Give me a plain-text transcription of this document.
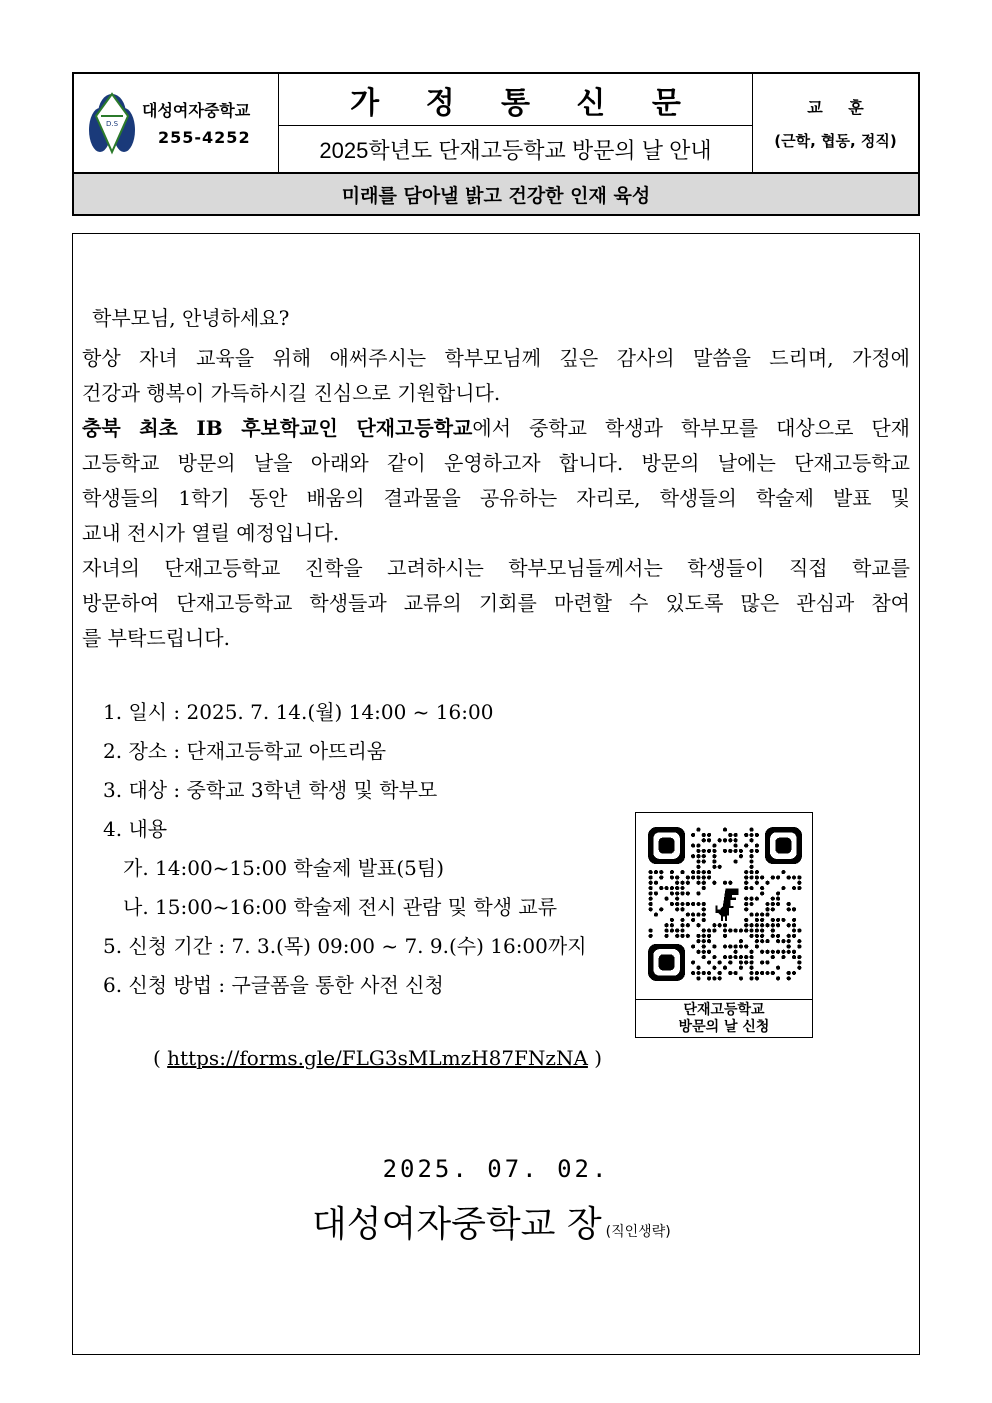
D.S
대성여자중학교
255-4252
가 정 통 신 문
2025학년도 단재고등학교 방문의 날 안내
교 훈
(근학, 협동, 정직)
미래를 담아낼 밝고 건강한 인재 육성
학부모님, 안녕하세요?
항상 자녀 교육을 위해 애써주시는 학부모님께 깊은 감사의 말씀을 드리며, 가정에
건강과 행복이 가득하시길 진심으로 기원합니다.
충북 최초 IB 후보학교인 단재고등학교에서 중학교 학생과 학부모를 대상으로 단재
고등학교 방문의 날을 아래와 같이 운영하고자 합니다. 방문의 날에는 단재고등학교
학생들의 1학기 동안 배움의 결과물을 공유하는 자리로, 학생들의 학술제 발표 및
교내 전시가 열릴 예정입니다.
자녀의 단재고등학교 진학을 고려하시는 학부모님들께서는 학생들이 직접 학교를
방문하여 단재고등학교 학생들과 교류의 기회를 마련할 수 있도록 많은 관심과 참여
를 부탁드립니다.
1. 일시 : 2025. 7. 14.(월) 14:00 ~ 16:00
2. 장소 : 단재고등학교 아뜨리움
3. 대상 : 중학교 3학년 학생 및 학부모
4. 내용
가. 14:00~15:00 학술제 발표(5팀)
나. 15:00~16:00 학술제 전시 관람 및 학생 교류
5. 신청 기간 : 7. 3.(목) 09:00 ~ 7. 9.(수) 16:00까지
6. 신청 방법 : 구글폼을 통한 사전 신청
단재고등학교
방문의 날 신청
( https://forms.gle/FLG3sMLmzH87FNzNA )
2025. 07. 02.
대성여자중학교 장 (직인생략)
